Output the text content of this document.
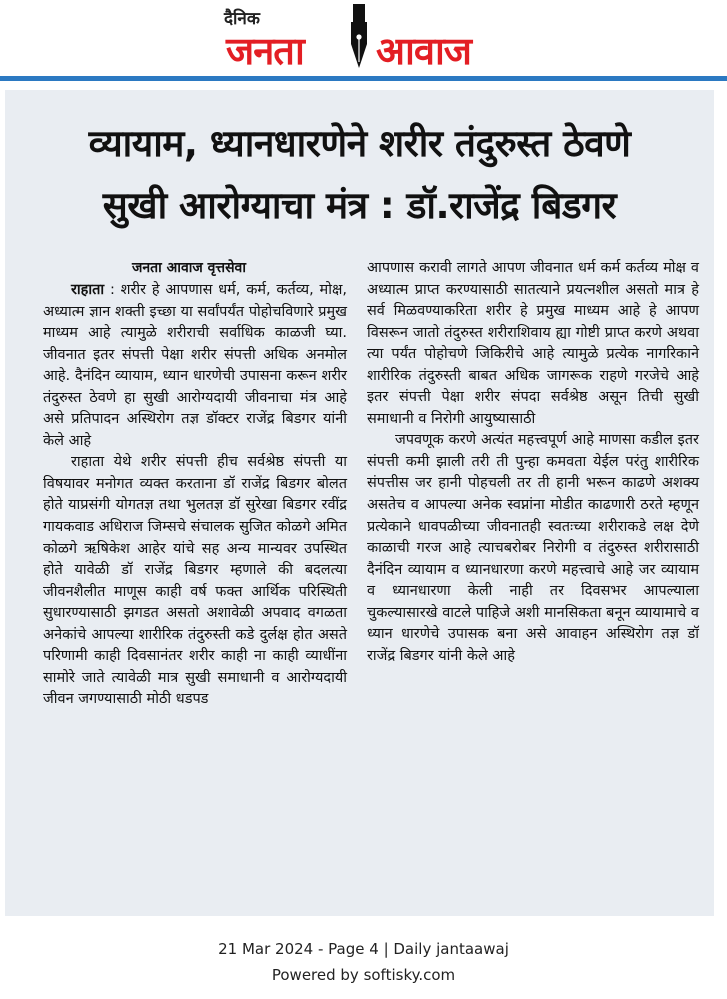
दैनिक
जनता आवाज
व्यायाम, ध्यानधारणेने शरीर तंदुरुस्त ठेवणे
सुखी आरोग्याचा मंत्र : डॉ.राजेंद्र बिडगर
जनता आवाज वृत्तसेवा

राहाता : शरीर हे आपणास धर्म, कर्म, कर्तव्य, मोक्ष, अध्यात्म ज्ञान शक्ती इच्छा या सर्वांपर्यंत पोहोचविणारे प्रमुख माध्यम आहे त्यामुळे शरीराची सर्वाधिक काळजी घ्या. जीवनात इतर संपत्ती पेक्षा शरीर संपत्ती अधिक अनमोल आहे. दैनंदिन व्यायाम, ध्यान धारणेची उपासना करून शरीर तंदुरुस्त ठेवणे हा सुखी आरोग्यदायी जीवनाचा मंत्र आहे असे प्रतिपादन अस्थिरोग तज्ञ डॉक्टर राजेंद्र बिडगर यांनी केले आहे

राहाता येथे शरीर संपत्ती हीच सर्वश्रेष्ठ संपत्ती या विषयावर मनोगत व्यक्त करताना डॉ राजेंद्र बिडगर बोलत होते याप्रसंगी योगतज्ञ तथा भुलतज्ञ डॉ सुरेखा बिडगर रवींद्र गायकवाड अधिराज जिम्सचे संचालक सुजित कोळगे अमित कोळगे ऋषिकेश आहेर यांचे सह अन्य मान्यवर उपस्थित होते यावेळी डॉ राजेंद्र बिडगर म्हणाले की बदलत्या जीवनशैलीत माणूस काही वर्ष फक्त आर्थिक परिस्थिती सुधारण्यासाठी झगडत असतो अशावेळी अपवाद वगळता अनेकांचे आपल्या शारीरिक तंदुरुस्ती कडे दुर्लक्ष होत असते परिणामी काही दिवसानंतर शरीर काही ना काही व्याधींना सामोरे जाते त्यावेळी मात्र सुखी समाधानी व आरोग्यदायी जीवन जगण्यासाठी मोठी धडपड

आपणास करावी लागते आपण जीवनात धर्म कर्म कर्तव्य मोक्ष व अध्यात्म प्राप्त करण्यासाठी सातत्याने प्रयत्नशील असतो मात्र हे सर्व मिळवण्याकरिता शरीर हे प्रमुख माध्यम आहे हे आपण विसरून जातो तंदुरुस्त शरीराशिवाय ह्या गोष्टी प्राप्त करणे अथवा त्या पर्यंत पोहोचणे जिकिरीचे आहे त्यामुळे प्रत्येक नागरिकाने शारीरिक तंदुरुस्ती बाबत अधिक जागरूक राहणे गरजेचे आहे इतर संपत्ती पेक्षा शरीर संपदा सर्वश्रेष्ठ असून तिची सुखी समाधानी व निरोगी आयुष्यासाठी

जपवणूक करणे अत्यंत महत्त्वपूर्ण आहे माणसा कडील इतर संपत्ती कमी झाली तरी ती पुन्हा कमवता येईल परंतु शारीरिक संपत्तीस जर हानी पोहचली तर ती हानी भरून काढणे अशक्य असतेच व आपल्या अनेक स्वप्नांना मोडीत काढणारी ठरते म्हणून प्रत्येकाने धावपळीच्या जीवनातही स्वतःच्या शरीराकडे लक्ष देणे काळाची गरज आहे त्याचबरोबर निरोगी व तंदुरुस्त शरीरासाठी दैनंदिन व्यायाम व ध्यानधारणा करणे महत्त्वाचे आहे जर व्यायाम व ध्यानधारणा केली नाही तर दिवसभर आपल्याला चुकल्यासारखे वाटले पाहिजे अशी मानसिकता बनून व्यायामाचे व ध्यान धारणेचे उपासक बना असे आवाहन अस्थिरोग तज्ञ डॉ राजेंद्र बिडगर यांनी केले आहे

21 Mar 2024 - Page 4 | Daily jantaawaj
Powered by softisky.com
